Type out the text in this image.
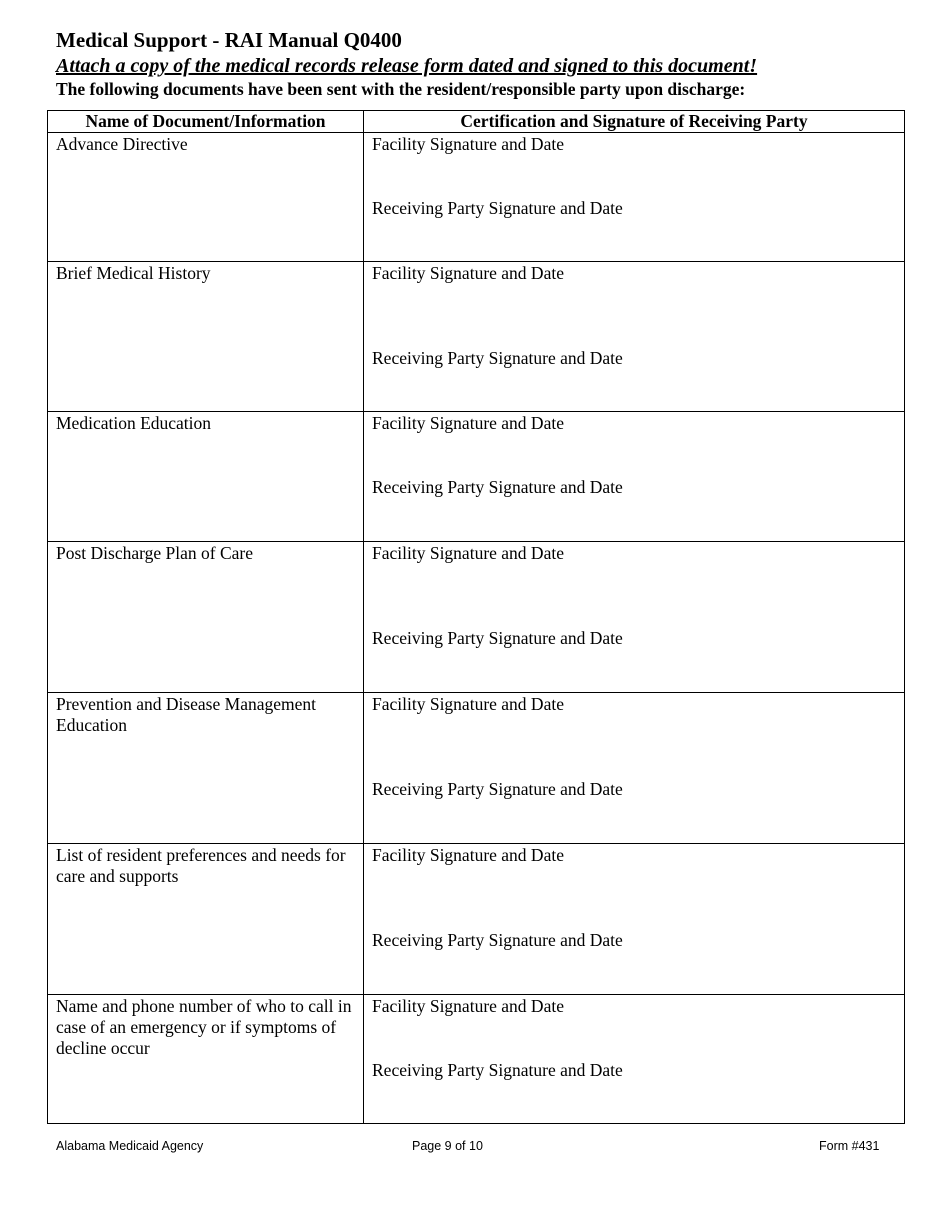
Medical Support - RAI Manual Q0400
Attach a copy of the medical records release form dated and signed to this document!
The following documents have been sent with the resident/responsible party upon discharge:
Name of Document/Information	Certification and Signature of Receiving Party

Advance Directive	Facility Signature and Date
Receiving Party Signature and Date

Brief Medical History	Facility Signature and Date
Receiving Party Signature and Date

Medication Education	Facility Signature and Date
Receiving Party Signature and Date

Post Discharge Plan of Care	Facility Signature and Date
Receiving Party Signature and Date

Prevention and Disease Management Education	Facility Signature and Date
Receiving Party Signature and Date

List of resident preferences and needs for care and supports	Facility Signature and Date
Receiving Party Signature and Date

Name and phone number of who to call in case of an emergency or if symptoms of decline occur	Facility Signature and Date
Receiving Party Signature and Date
Alabama Medicaid Agency	Page 9 of 10	Form #431
